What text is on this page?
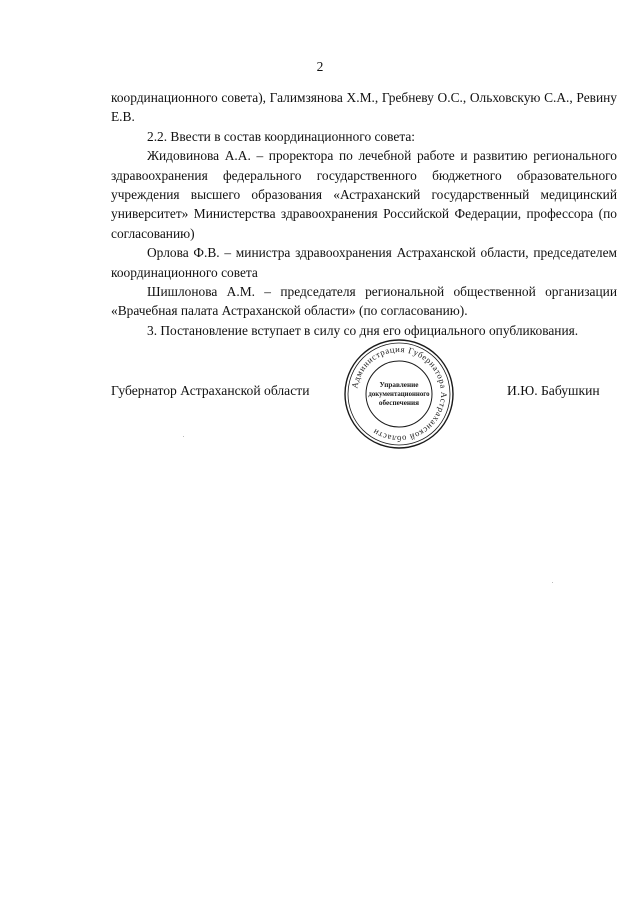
2

координационного совета), Галимзянова Х.М., Гребневу О.С., Ольховскую С.А., Ревину Е.В.

2.2. Ввести в состав координационного совета:

Жидовинова А.А. – проректора по лечебной работе и развитию регионального здравоохранения федерального государственного бюджетного образовательного учреждения высшего образования «Астраханский государственный медицинский университет» Министерства здравоохранения Российской Федерации, профессора (по согласованию)

Орлова Ф.В. – министра здравоохранения Астраханской области, председателем координационного совета

Шишлонова А.М. – председателя региональной общественной организации «Врачебная палата Астраханской области» (по согласованию).

3. Постановление вступает в силу со дня его официального опубликования.

Губернатор Астраханской области	Администрация Губернатора Астраханской области
Управление
документационного
обеспечения
И.Ю. Бабушкин
